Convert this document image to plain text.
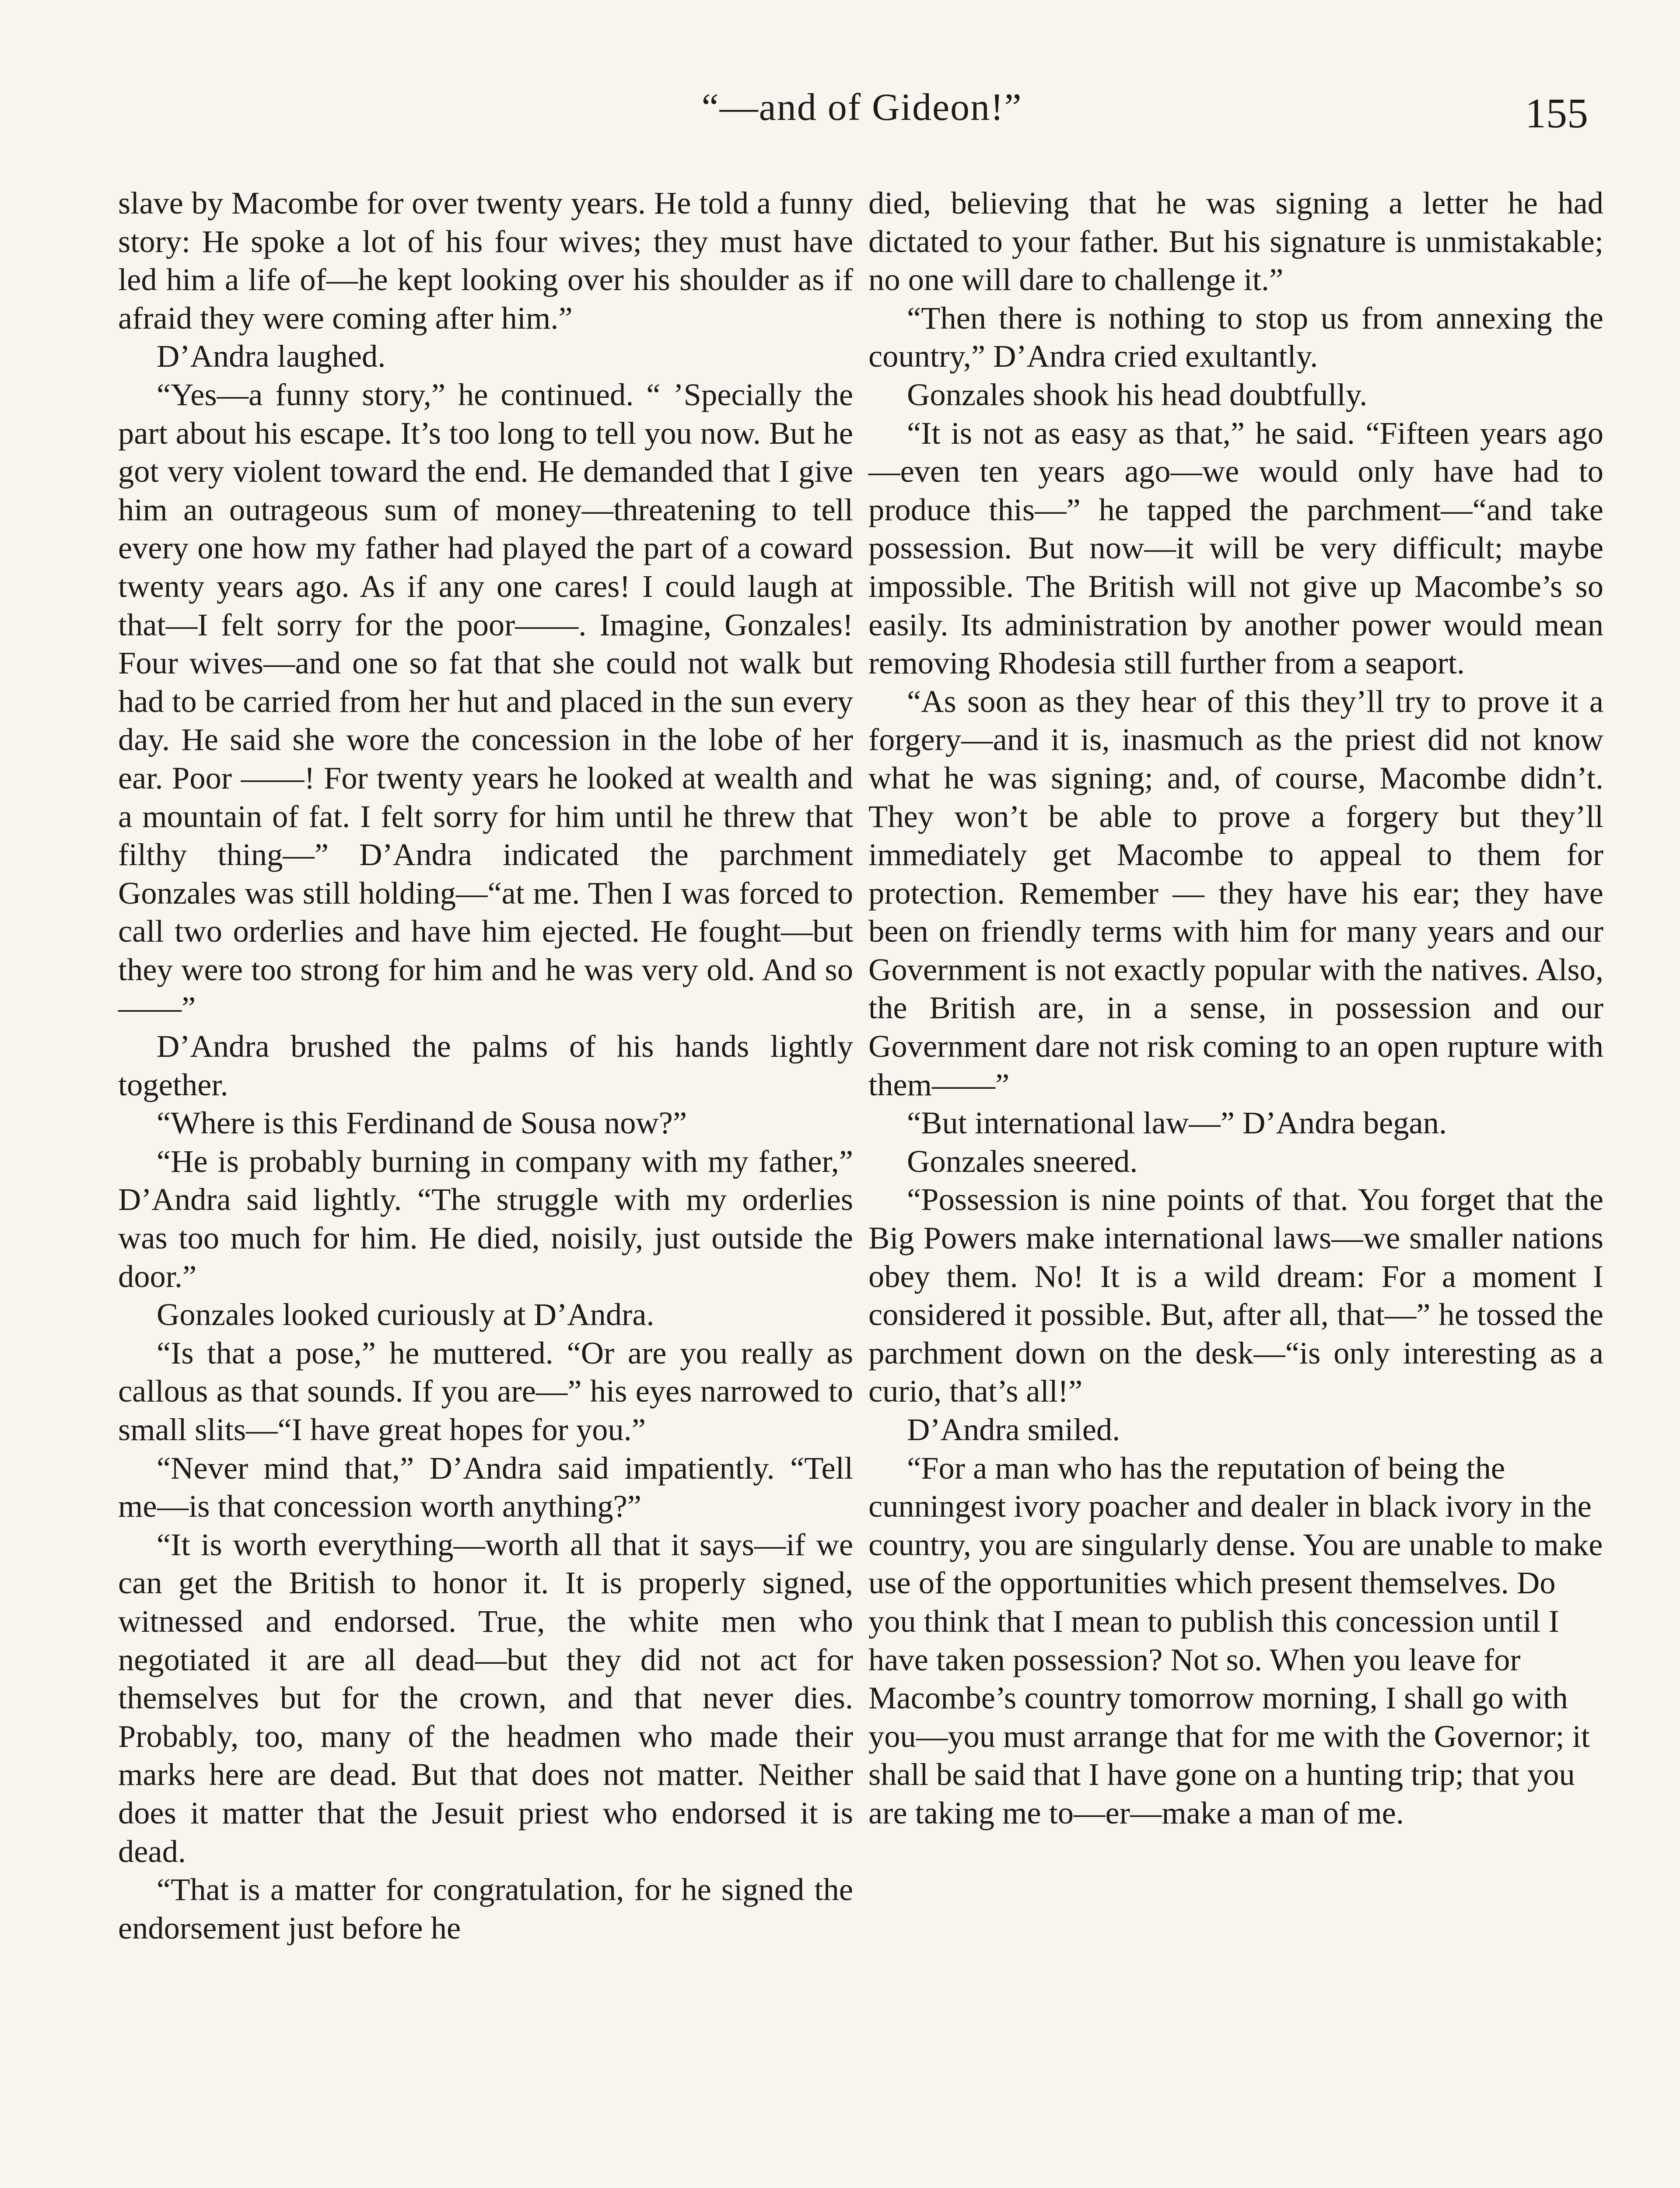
“—and of Gideon!”	155

slave by Macombe for over twenty years. He told a funny story: He spoke a lot of his four wives; they must have led him a life of—he kept looking over his shoulder as if afraid they were coming after him.”

D’Andra laughed.

“Yes—a funny story,” he continued. “ ’Specially the part about his escape. It’s too long to tell you now. But he got very violent toward the end. He demanded that I give him an outrageous sum of money—threatening to tell every one how my father had played the part of a coward twenty years ago. As if any one cares! I could laugh at that—I felt sorry for the poor——. Imagine, Gonzales! Four wives—and one so fat that she could not walk but had to be carried from her hut and placed in the sun every day. He said she wore the concession in the lobe of her ear. Poor ——! For twenty years he looked at wealth and a mountain of fat. I felt sorry for him until he threw that filthy thing—” D’Andra indicated the parchment Gonzales was still holding—“at me. Then I was forced to call two orderlies and have him ejected. He fought—but they were too strong for him and he was very old. And so——”

D’Andra brushed the palms of his hands lightly together.

“Where is this Ferdinand de Sousa now?”

“He is probably burning in company with my father,” D’Andra said lightly. “The struggle with my orderlies was too much for him. He died, noisily, just outside the door.”

Gonzales looked curiously at D’Andra.

“Is that a pose,” he muttered. “Or are you really as callous as that sounds. If you are—” his eyes narrowed to small slits—“I have great hopes for you.”

“Never mind that,” D’Andra said impatiently. “Tell me—is that concession worth anything?”

“It is worth everything—worth all that it says—if we can get the British to honor it. It is properly signed, witnessed and endorsed. True, the white men who negotiated it are all dead—but they did not act for themselves but for the crown, and that never dies. Probably, too, many of the headmen who made their marks here are dead. But that does not matter. Neither does it matter that the Jesuit priest who endorsed it is dead.

“That is a matter for congratulation, for he signed the endorsement just before he

died, believing that he was signing a letter he had dictated to your father. But his signature is unmistakable; no one will dare to challenge it.”

“Then there is nothing to stop us from annexing the country,” D’Andra cried exultantly.

Gonzales shook his head doubtfully.

“It is not as easy as that,” he said. “Fifteen years ago—even ten years ago—we would only have had to produce this—” he tapped the parchment—“and take possession. But now—it will be very difficult; maybe impossible. The British will not give up Macombe’s so easily. Its administration by another power would mean removing Rhodesia still further from a seaport.

“As soon as they hear of this they’ll try to prove it a forgery—and it is, inasmuch as the priest did not know what he was signing; and, of course, Macombe didn’t. They won’t be able to prove a forgery but they’ll immediately get Macombe to appeal to them for protection. Remember — they have his ear; they have been on friendly terms with him for many years and our Government is not exactly popular with the natives. Also, the British are, in a sense, in possession and our Government dare not risk coming to an open rupture with them——”

“But international law—” D’Andra began.

Gonzales sneered.

“Possession is nine points of that. You forget that the Big Powers make international laws—we smaller nations obey them. No! It is a wild dream: For a moment I considered it possible. But, after all, that—” he tossed the parchment down on the desk—“is only interesting as a curio, that’s all!”

D’Andra smiled.

“For a man who has the reputation of being the cunningest ivory poacher and dealer in black ivory in the country, you are singularly dense. You are unable to make use of the opportunities which present themselves. Do you think that I mean to publish this concession until I have taken possession? Not so. When you leave for Macombe’s country tomorrow morning, I shall go with you—you must arrange that for me with the Governor; it shall be said that I have gone on a hunting trip; that you are taking me to—er—make a man of me.
